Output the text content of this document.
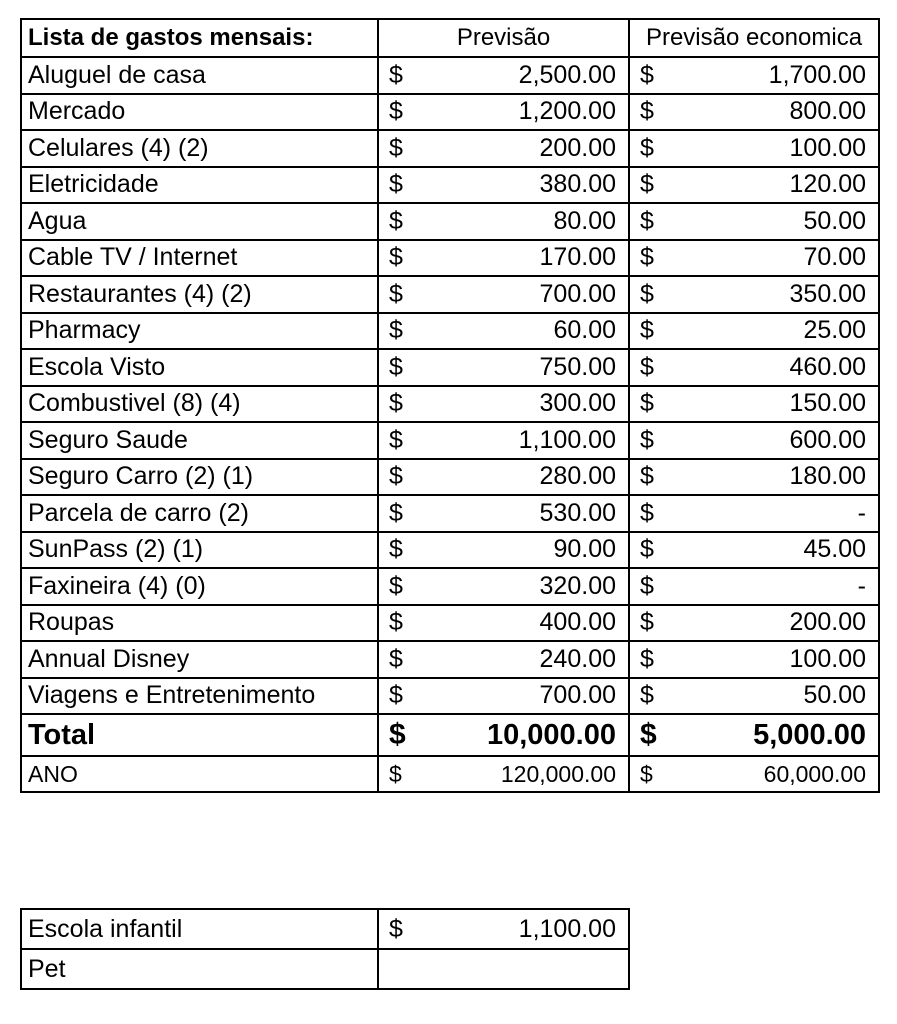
Lista de gastos mensais:	Previsão	Previsão economica
Aluguel de casa	$ 2,500.00	$ 1,700.00

Mercado	$ 1,200.00	$ 800.00

Celulares (4) (2)	$ 200.00	$ 100.00

Eletricidade	$ 380.00	$ 120.00

Agua	$ 80.00	$ 50.00

Cable TV / Internet	$ 170.00	$ 70.00

Restaurantes (4) (2)	$ 700.00	$ 350.00

Pharmacy	$ 60.00	$ 25.00

Escola Visto	$ 750.00	$ 460.00

Combustivel (8) (4)	$ 300.00	$ 150.00

Seguro Saude	$ 1,100.00	$ 600.00

Seguro Carro (2) (1)	$ 280.00	$ 180.00

Parcela de carro (2)	$ 530.00	$ -

SunPass (2) (1)	$ 90.00	$ 45.00

Faxineira (4) (0)	$ 320.00	$ -

Roupas	$ 400.00	$ 200.00

Annual Disney	$ 240.00	$ 100.00

Viagens e Entretenimento	$ 700.00	$ 50.00

Total	$ 10,000.00	$ 5,000.00

ANO	$ 120,000.00	$ 60,000.00
Escola infantil	$ 1,100.00

Pet	
